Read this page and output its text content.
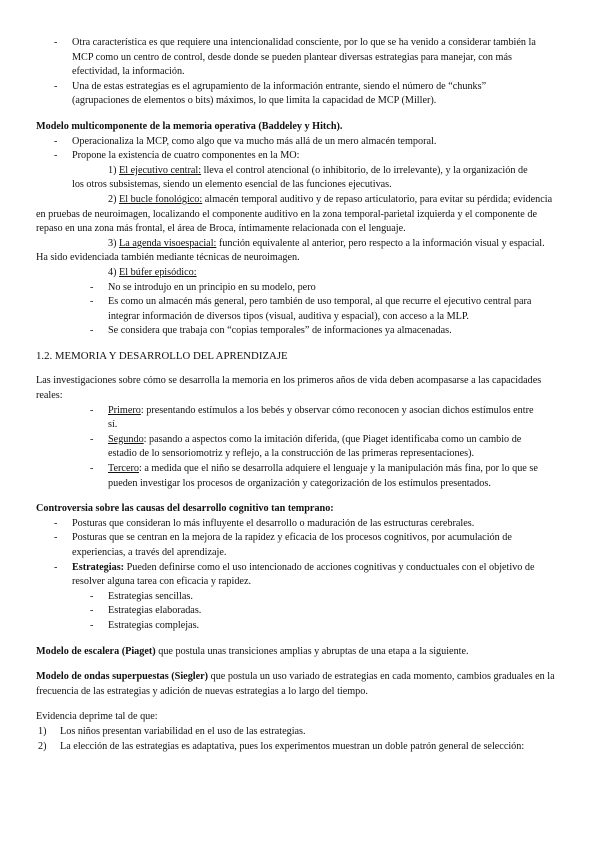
- Otra característica es que requiere una intencionalidad consciente, por lo que se ha venido a considerar también la MCP como un centro de control, desde donde se pueden plantear diversas estrategias para manejar, con más efectividad, la información.

- Una de estas estrategias es el agrupamiento de la información entrante, siendo el número de “chunks” (agrupaciones de elementos o bits) máximos, lo que limita la capacidad de MCP (Miller).

Modelo multicomponente de la memoria operativa (Baddeley y Hitch).

- Operacionaliza la MCP, como algo que va mucho más allá de un mero almacén temporal.

- Propone la existencia de cuatro componentes en la MO:

1) El ejecutivo central: lleva el control atencional (o inhibitorio, de lo irrelevante), y la organización de los otros subsistemas, siendo un elemento esencial de las funciones ejecutivas.

2) El bucle fonológico: almacén temporal auditivo y de repaso articulatorio, para evitar su pérdida; evidencia en pruebas de neuroimagen, localizando el componente auditivo en la zona temporal-parietal izquierda y el componente de repaso en una zona más frontal, el área de Broca, íntimamente relacionada con el lenguaje.

3) La agenda visoespacial: función equivalente al anterior, pero respecto a la información visual y espacial. Ha sido evidenciada también mediante técnicas de neuroimagen.

4) El búfer episódico:

- No se introdujo en un principio en su modelo, pero

- Es como un almacén más general, pero también de uso temporal, al que recurre el ejecutivo central para integrar información de diversos tipos (visual, auditiva y espacial), con acceso a la MLP.

- Se considera que trabaja con “copias temporales” de informaciones ya almacenadas.

1.2. MEMORIA Y DESARROLLO DEL APRENDIZAJE

Las investigaciones sobre cómo se desarrolla la memoria en los primeros años de vida deben acompasarse a las capacidades reales:

- Primero: presentando estímulos a los bebés y observar cómo reconocen y asocian dichos estímulos entre sí.

- Segundo: pasando a aspectos como la imitación diferida, (que Piaget identificaba como un cambio de estadio de lo sensoriomotriz y reflejo, a la construcción de las primeras representaciones).

- Tercero: a medida que el niño se desarrolla adquiere el lenguaje y la manipulación más fina, por lo que se pueden investigar los procesos de organización y categorización de los estímulos presentados.

Controversia sobre las causas del desarrollo cognitivo tan temprano:

- Posturas que consideran lo más influyente el desarrollo o maduración de las estructuras cerebrales.

- Posturas que se centran en la mejora de la rapidez y eficacia de los procesos cognitivos, por acumulación de experiencias, a través del aprendizaje.

- Estrategias: Pueden definirse como el uso intencionado de acciones cognitivas y conductuales con el objetivo de resolver alguna tarea con eficacia y rapidez.

- Estrategias sencillas.

- Estrategias elaboradas.

- Estrategias complejas.

Modelo de escalera (Piaget) que postula unas transiciones amplias y abruptas de una etapa a la siguiente.

Modelo de ondas superpuestas (Siegler) que postula un uso variado de estrategias en cada momento, cambios graduales en la frecuencia de las estrategias y adición de nuevas estrategias a lo largo del tiempo.

Evidencia deprime tal de que:

1) Los niños presentan variabilidad en el uso de las estrategias.

2) La elección de las estrategias es adaptativa, pues los experimentos muestran un doble patrón general de selección:
